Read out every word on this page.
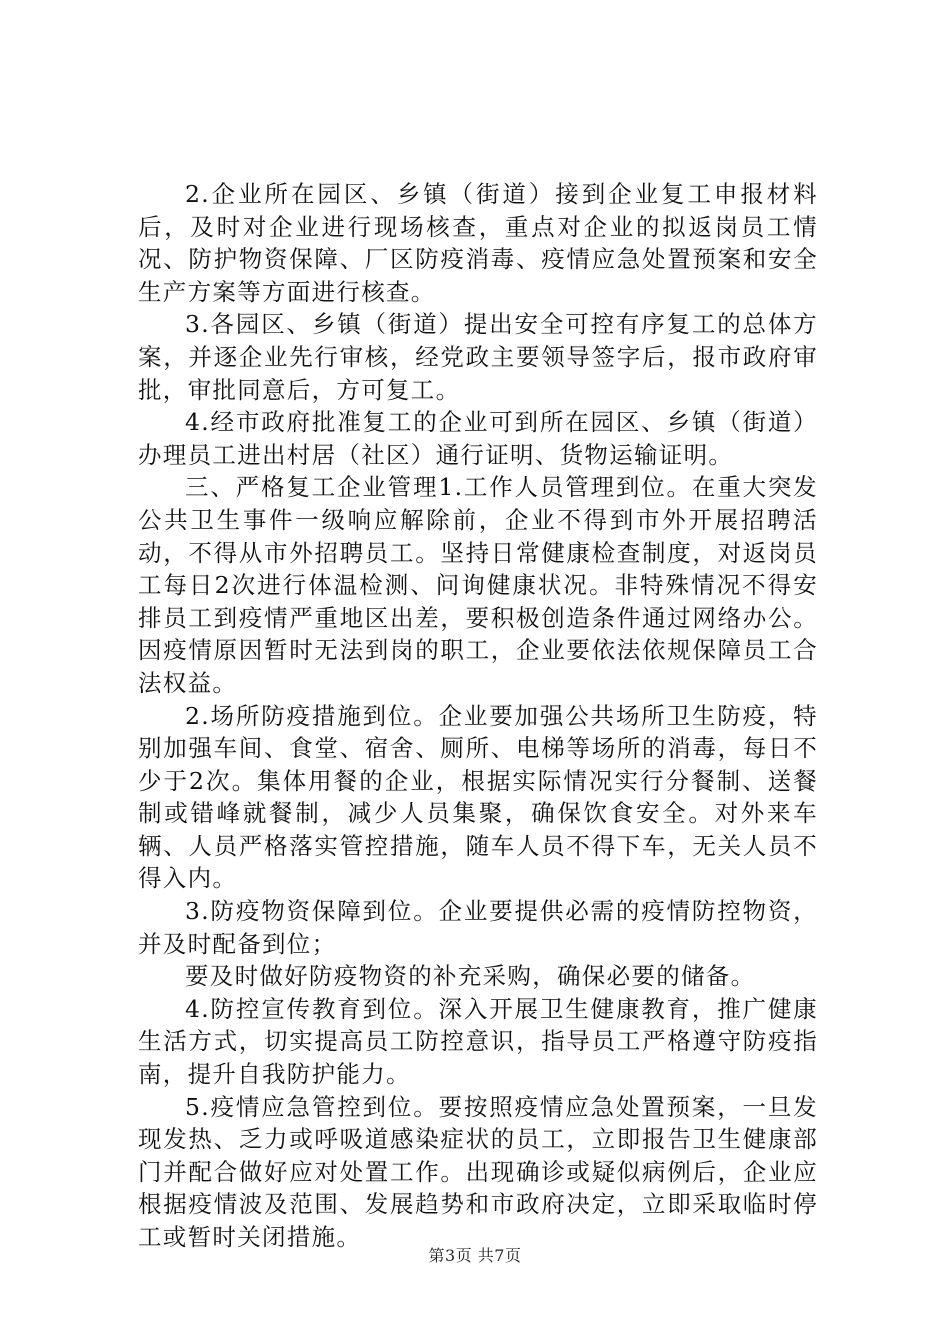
2.企业所在园区、乡镇（街道）接到企业复工申报材料后，及时对企业进行现场核查，重点对企业的拟返岗员工情况、防护物资保障、厂区防疫消毒、疫情应急处置预案和安全生产方案等方面进行核查。

3.各园区、乡镇（街道）提出安全可控有序复工的总体方案，并逐企业先行审核，经党政主要领导签字后，报市政府审批，审批同意后，方可复工。

4.经市政府批准复工的企业可到所在园区、乡镇（街道）办理员工进出村居（社区）通行证明、货物运输证明。

三、严格复工企业管理1.工作人员管理到位。在重大突发公共卫生事件一级响应解除前，企业不得到市外开展招聘活动，不得从市外招聘员工。坚持日常健康检查制度，对返岗员工每日2次进行体温检测、问询健康状况。非特殊情况不得安排员工到疫情严重地区出差，要积极创造条件通过网络办公。因疫情原因暂时无法到岗的职工，企业要依法依规保障员工合法权益。

2.场所防疫措施到位。企业要加强公共场所卫生防疫，特别加强车间、食堂、宿舍、厕所、电梯等场所的消毒，每日不少于2次。集体用餐的企业，根据实际情况实行分餐制、送餐制或错峰就餐制，减少人员集聚，确保饮食安全。对外来车辆、人员严格落实管控措施，随车人员不得下车，无关人员不得入内。

3.防疫物资保障到位。企业要提供必需的疫情防控物资，并及时配备到位；

要及时做好防疫物资的补充采购，确保必要的储备。

4.防控宣传教育到位。深入开展卫生健康教育，推广健康生活方式，切实提高员工防控意识，指导员工严格遵守防疫指南，提升自我防护能力。

5.疫情应急管控到位。要按照疫情应急处置预案，一旦发现发热、乏力或呼吸道感染症状的员工，立即报告卫生健康部门并配合做好应对处置工作。出现确诊或疑似病例后，企业应根据疫情波及范围、发展趋势和市政府决定，立即采取临时停工或暂时关闭措施。

第3页 共7页
